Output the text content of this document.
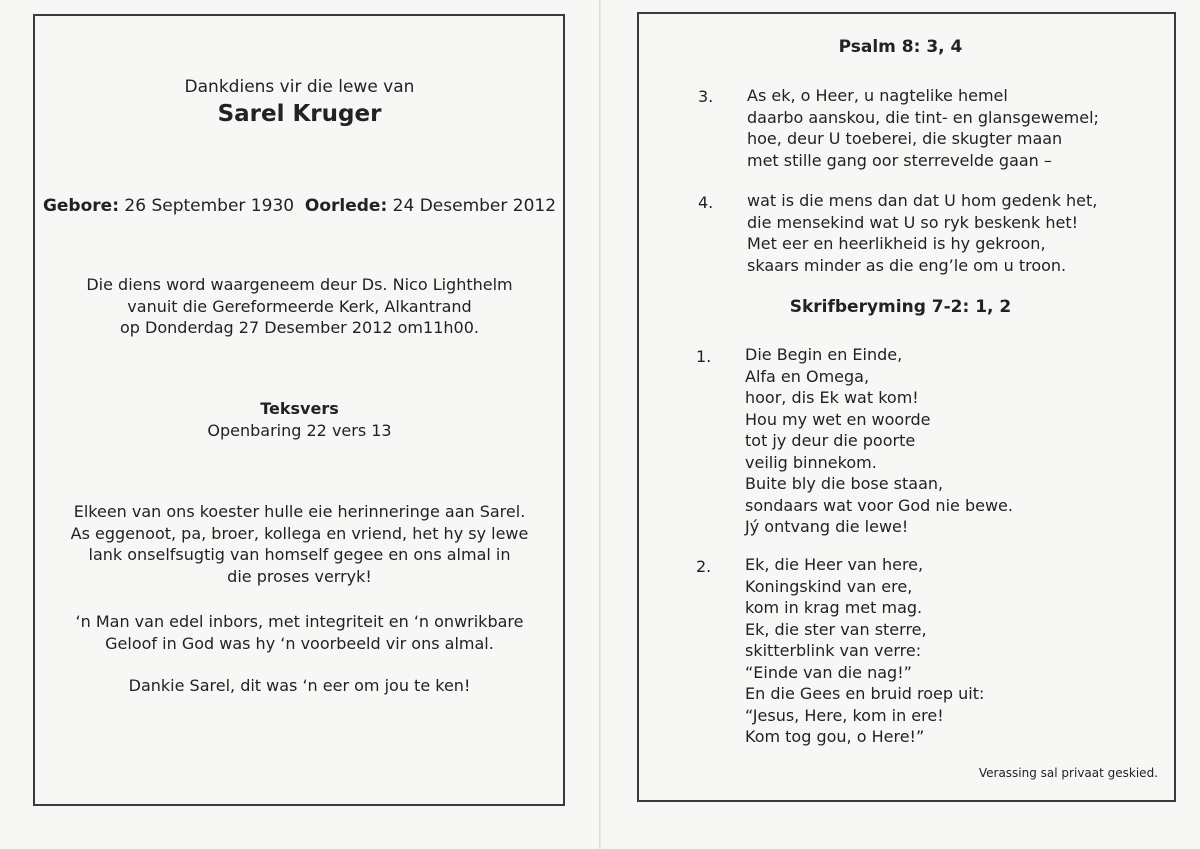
Dankdiens vir die lewe van
Sarel Kruger
Gebore: 26 September 1930 Oorlede: 24 Desember 2012
Die diens word waargeneem deur Ds. Nico Lighthelm
vanuit die Gereformeerde Kerk, Alkantrand
op Donderdag 27 Desember 2012 om11h00.
Teksvers
Openbaring 22 vers 13
Elkeen van ons koester hulle eie herinneringe aan Sarel.
As eggenoot, pa, broer, kollega en vriend, het hy sy lewe
lank onselfsugtig van homself gegee en ons almal in
die proses verryk!
‘n Man van edel inbors, met integriteit en ‘n onwrikbare
Geloof in God was hy ‘n voorbeeld vir ons almal.
Dankie Sarel, dit was ‘n eer om jou te ken!
Psalm 8: 3, 4
3. As ek, o Heer, u nagtelike hemel
daarbo aanskou, die tint- en glansgewemel;
hoe, deur U toeberei, die skugter maan
met stille gang oor sterrevelde gaan –
4. wat is die mens dan dat U hom gedenk het,
die mensekind wat U so ryk beskenk het!
Met eer en heerlikheid is hy gekroon,
skaars minder as die eng’le om u troon.
Skrifberyming 7-2: 1, 2
1. Die Begin en Einde,
Alfa en Omega,
hoor, dis Ek wat kom!
Hou my wet en woorde
tot jy deur die poorte
veilig binnekom.
Buite bly die bose staan,
sondaars wat voor God nie bewe.
Jý ontvang die lewe!
2. Ek, die Heer van here,
Koningskind van ere,
kom in krag met mag.
Ek, die ster van sterre,
skitterblink van verre:
“Einde van die nag!”
En die Gees en bruid roep uit:
“Jesus, Here, kom in ere!
Kom tog gou, o Here!”
Verassing sal privaat geskied.
